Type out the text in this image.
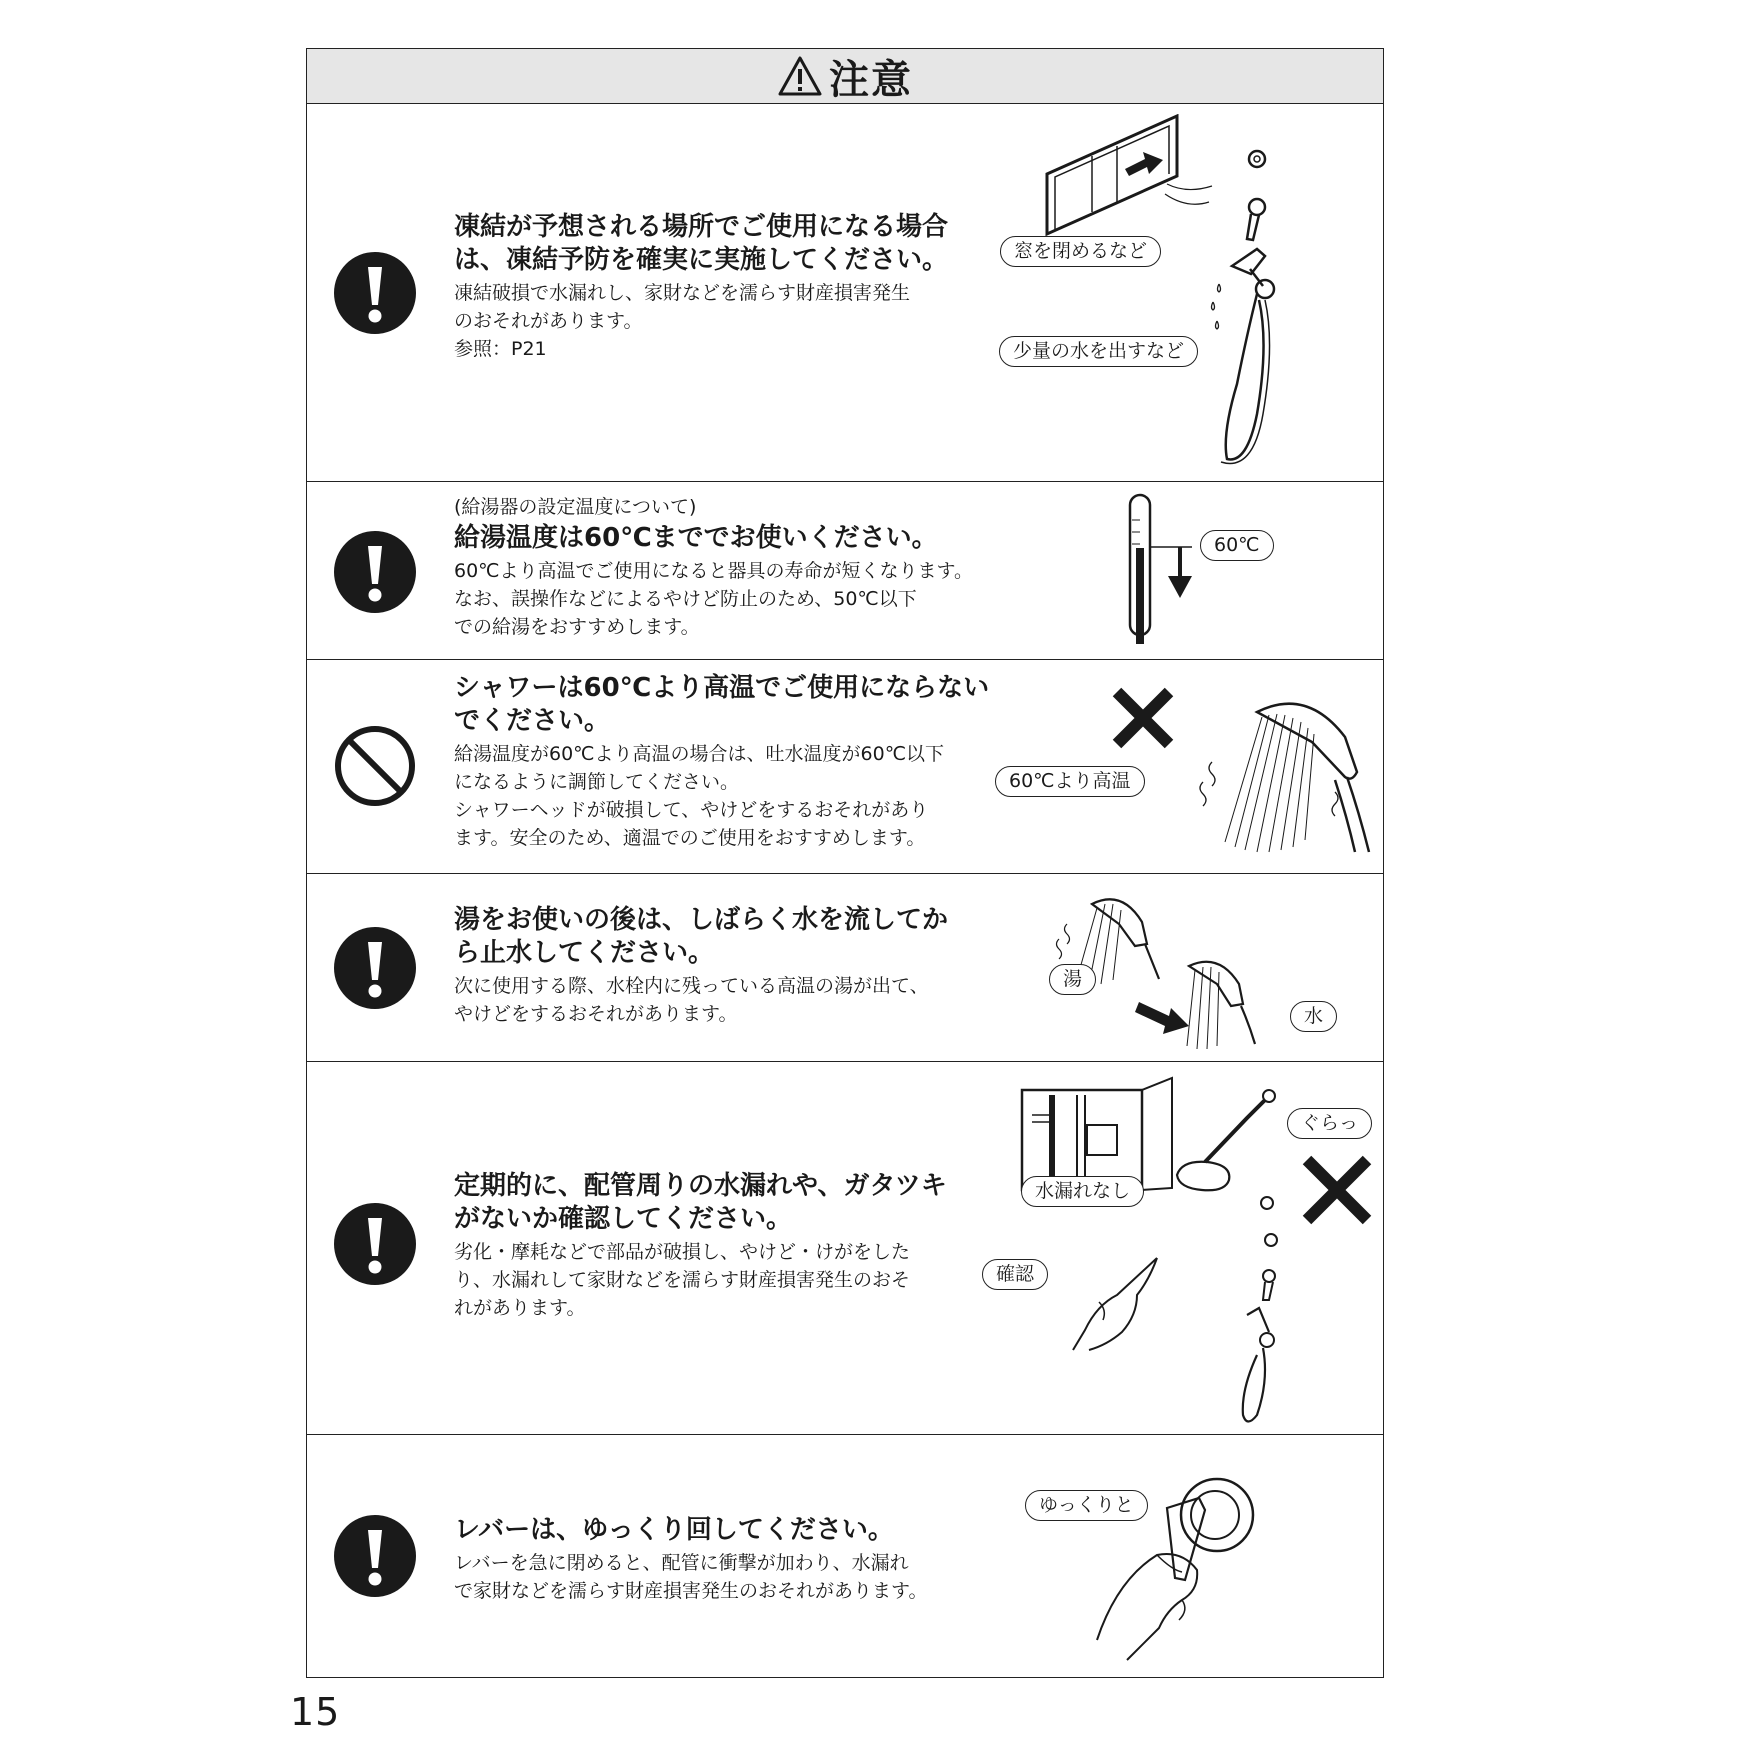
注意
凍結が予想される場所でご使用になる場合
は、凍結予防を確実に実施してください。
凍結破損で水漏れし、家財などを濡らす財産損害発生
のおそれがあります。
参照：P21
窓を閉めるなど
少量の水を出すなど
(給湯器の設定温度について)
給湯温度は60℃まででお使いください。
60℃より高温でご使用になると器具の寿命が短くなります。
なお、誤操作などによるやけど防止のため、50℃以下
での給湯をおすすめします。
60℃
シャワーは60℃より高温でご使用にならない
でください。
給湯温度が60℃より高温の場合は、吐水温度が60℃以下
になるように調節してください。
シャワーヘッドが破損して、やけどをするおそれがあり
ます。安全のため、適温でのご使用をおすすめします。
60℃より高温
湯をお使いの後は、しばらく水を流してか
ら止水してください。
次に使用する際、水栓内に残っている高温の湯が出て、
やけどをするおそれがあります。
湯
水
定期的に、配管周りの水漏れや、ガタツキ
がないか確認してください。
劣化・摩耗などで部品が破損し、やけど・けがをした
り、水漏れして家財などを濡らす財産損害発生のおそ
れがあります。
水漏れなし
確認
ぐらっ
レバーは、ゆっくり回してください。
レバーを急に閉めると、配管に衝撃が加わり、水漏れ
で家財などを濡らす財産損害発生のおそれがあります。
ゆっくりと
15
